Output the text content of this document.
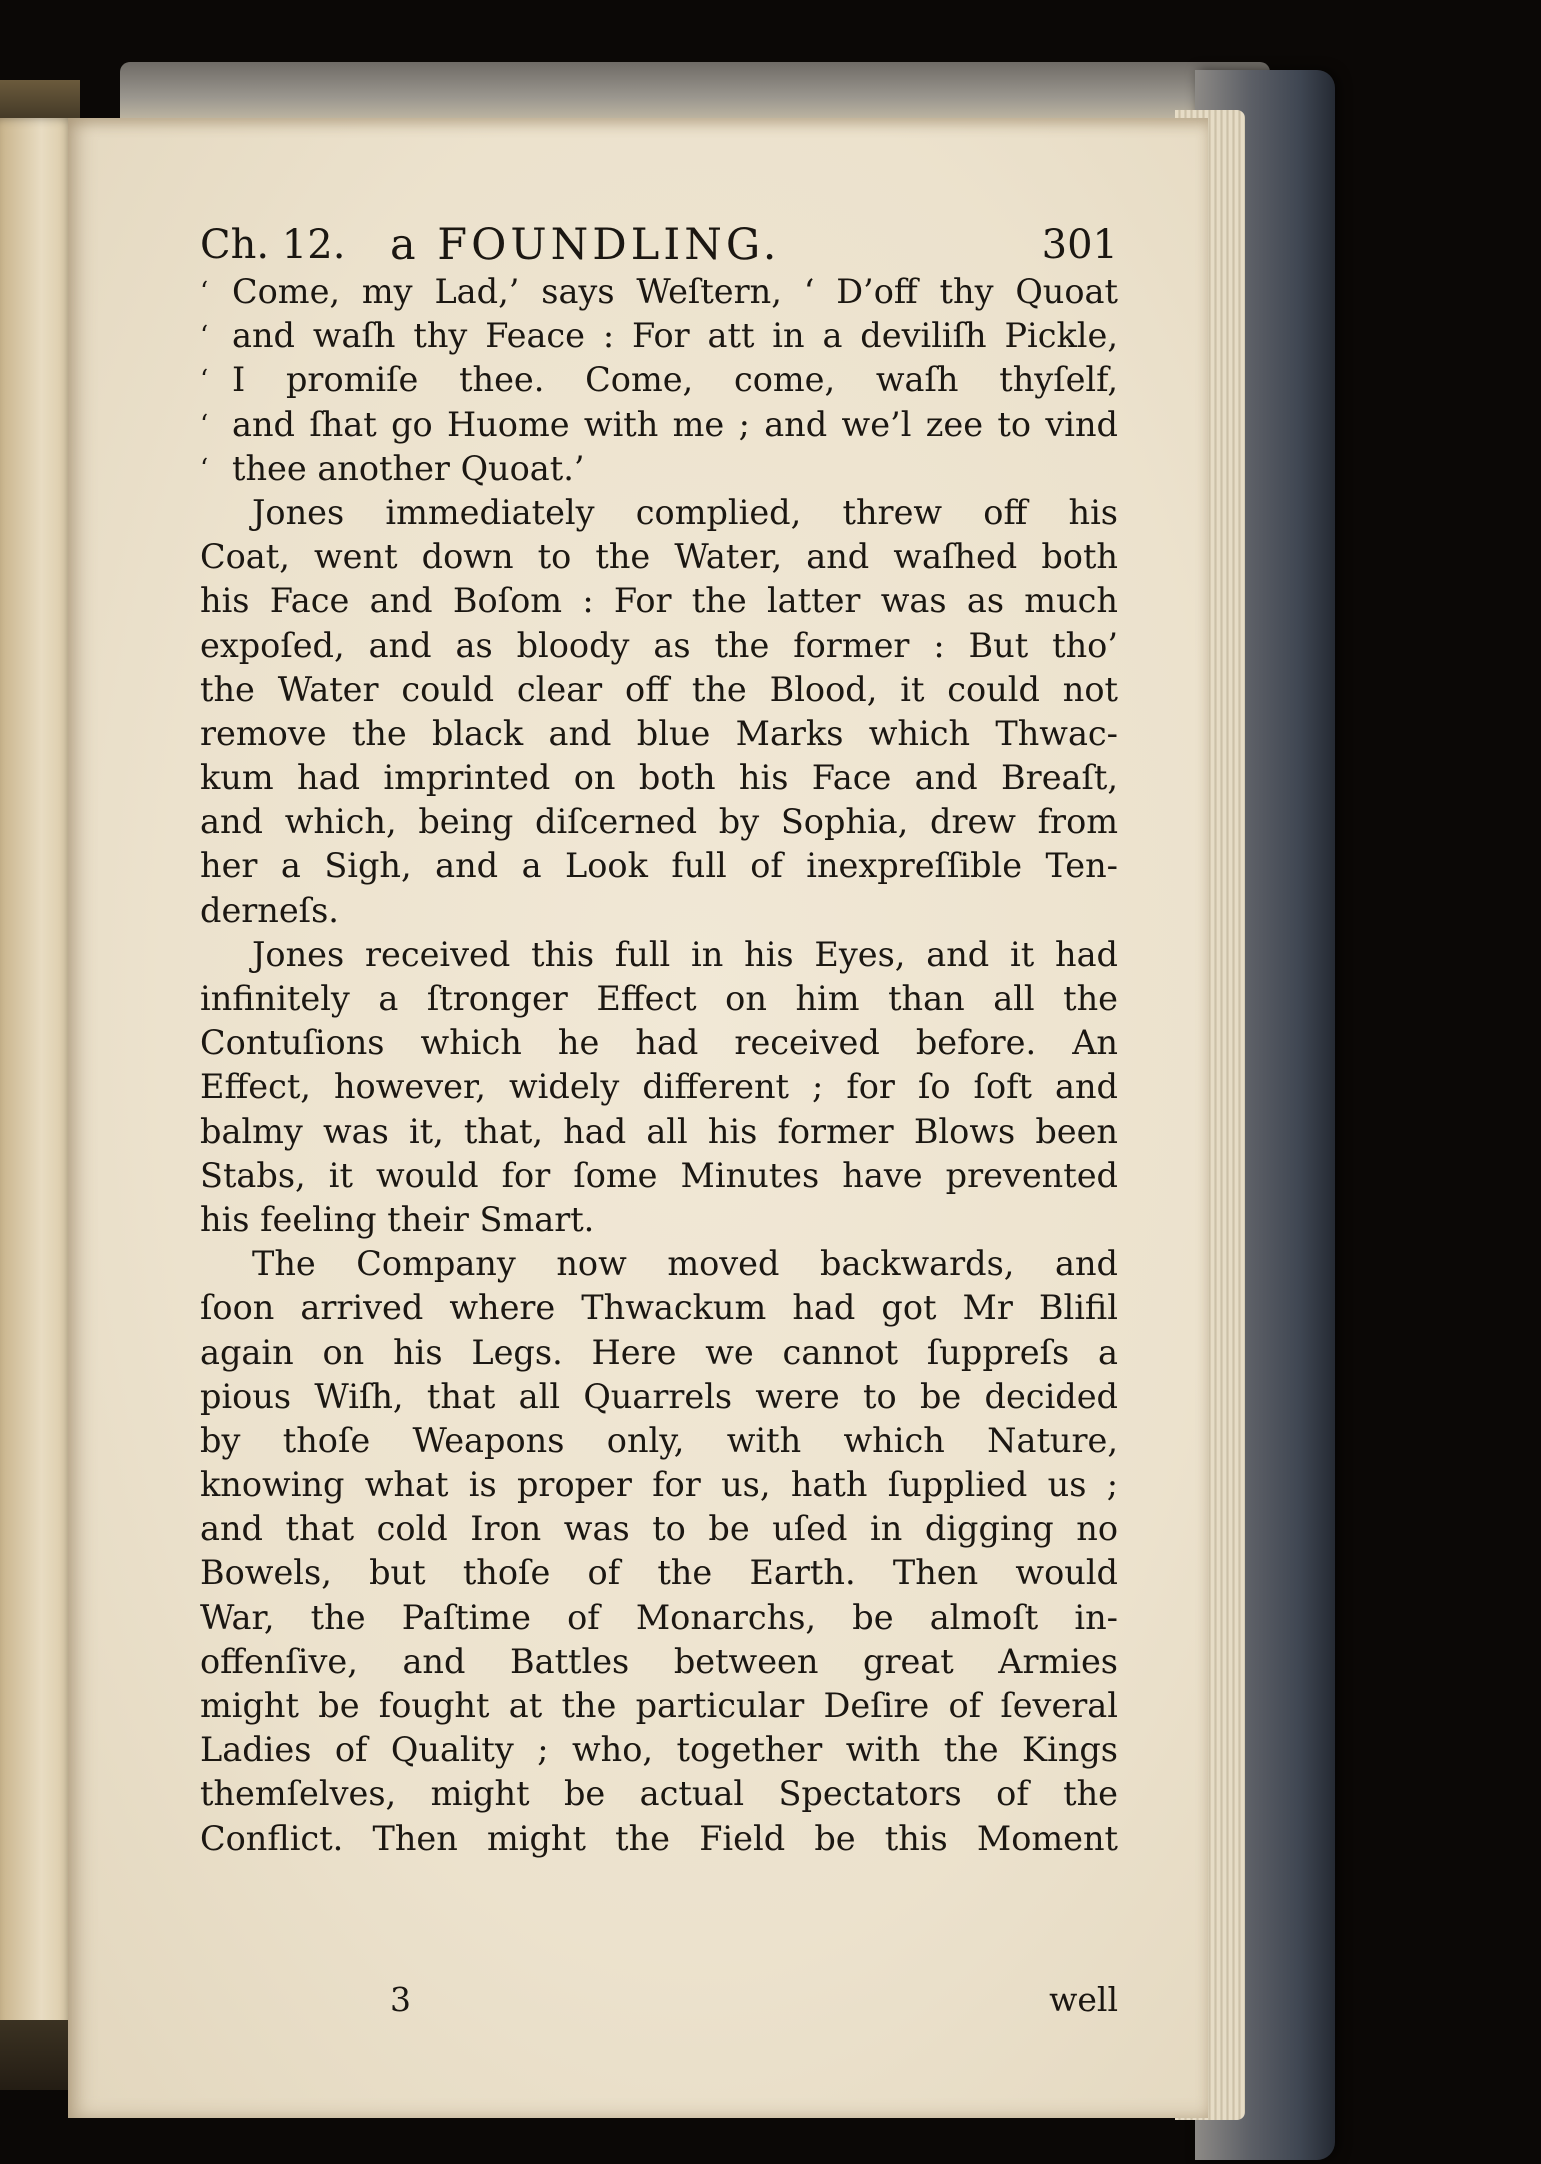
Ch. 12. a FOUNDLING.	301
‘ Come, my Lad,’ says Weſtern, ‘ D’off thy Quoat
‘ and waſh thy Feace : For att in a deviliſh Pickle,
‘ I promiſe thee. Come, come, waſh thyſelf,
‘ and ſhat go Huome with me ; and we’l zee to vind
‘ thee another Quoat.’
Jones immediately complied, threw off his
Coat, went down to the Water, and waſhed both
his Face and Boſom : For the latter was as much
expoſed, and as bloody as the former : But tho’
the Water could clear off the Blood, it could not
remove the black and blue Marks which Thwac-
kum had imprinted on both his Face and Breaſt,
and which, being diſcerned by Sophia, drew from
her a Sigh, and a Look full of inexpreſſible Ten-
derneſs.
Jones received this full in his Eyes, and it had
infinitely a ſtronger Effect on him than all the
Contuſions which he had received before. An
Effect, however, widely different ; for ſo ſoft and
balmy was it, that, had all his former Blows been
Stabs, it would for ſome Minutes have prevented
his feeling their Smart.
The Company now moved backwards, and
ſoon arrived where Thwackum had got Mr Blifil
again on his Legs. Here we cannot ſuppreſs a
pious Wiſh, that all Quarrels were to be decided
by thoſe Weapons only, with which Nature,
knowing what is proper for us, hath ſupplied us ;
and that cold Iron was to be uſed in digging no
Bowels, but thoſe of the Earth. Then would
War, the Paſtime of Monarchs, be almoſt in-
offenſive, and Battles between great Armies
might be fought at the particular Deſire of ſeveral
Ladies of Quality ; who, together with the Kings
themſelves, might be actual Spectators of the
Conflict. Then might the Field be this Moment
3	well
